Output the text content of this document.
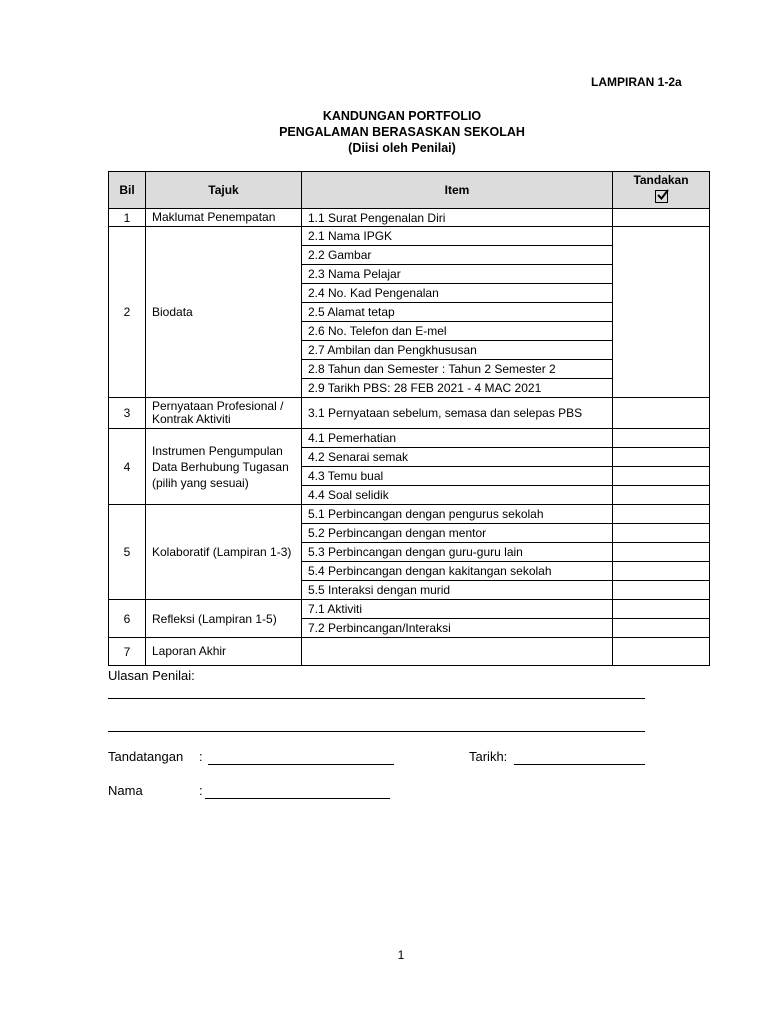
LAMPIRAN 1-2a
KANDUNGAN PORTFOLIO
PENGALAMAN BERASASKAN SEKOLAH
(Diisi oleh Penilai)
Bil	Tajuk	Item	Tandakan

1	Maklumat Penempatan	1.1 Surat Pengenalan Diri	
2	Biodata	2.1 Nama IPGK	
		2.2 Gambar	
		2.3 Nama Pelajar	
		2.4 No. Kad Pengenalan	
		2.5 Alamat tetap	
		2.6 No. Telefon dan E-mel	
		2.7 Ambilan dan Pengkhususan	
		2.8 Tahun dan Semester : Tahun 2 Semester 2	
		2.9 Tarikh PBS: 28 FEB 2021 - 4 MAC 2021	
3	Pernyataan Profesional / Kontrak Aktiviti	3.1 Pernyataan sebelum, semasa dan selepas PBS	
4	Instrumen Pengumpulan Data Berhubung Tugasan (pilih yang sesuai)	4.1 Pemerhatian	
		4.2 Senarai semak	
		4.3 Temu bual	
		4.4 Soal selidik	
5	Kolaboratif (Lampiran 1-3)	5.1 Perbincangan dengan pengurus sekolah	
		5.2 Perbincangan dengan mentor	
		5.3 Perbincangan dengan guru-guru lain	
		5.4 Perbincangan dengan kakitangan sekolah	
		5.5 Interaksi dengan murid	
6	Refleksi (Lampiran 1-5)	7.1 Aktiviti	
		7.2 Perbincangan/Interaksi	
7	Laporan Akhir		
Ulasan Penilai:
Tandatangan :	Tarikh:
Nama	:
1
